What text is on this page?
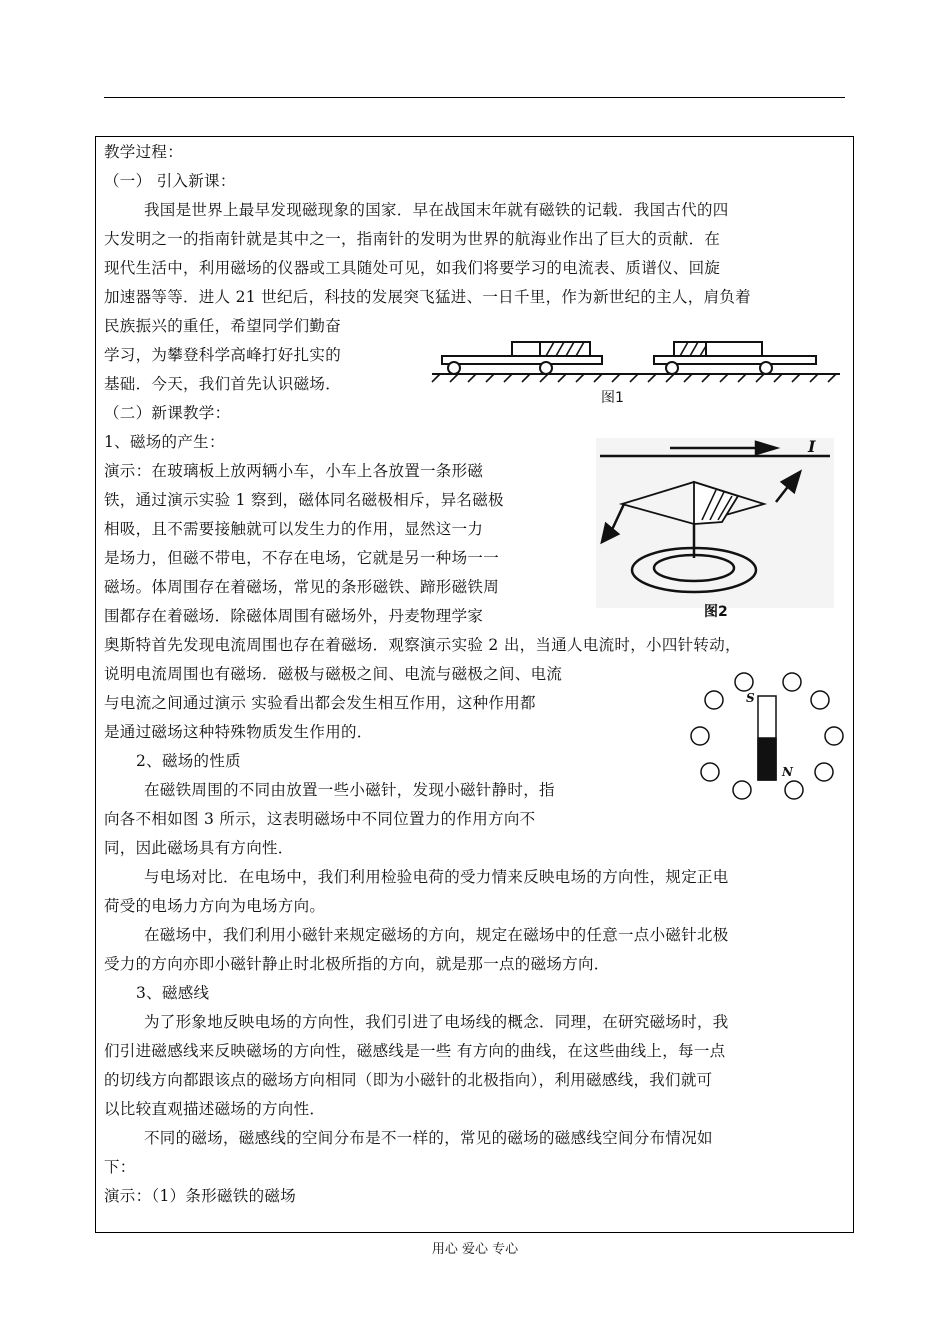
教学过程：
（一） 引入新课：
我国是世界上最早发现磁现象的国家．早在战国末年就有磁铁的记载．我国古代的四
大发明之一的指南针就是其中之一，指南针的发明为世界的航海业作出了巨大的贡献．在
现代生活中，利用磁场的仪器或工具随处可见，如我们将要学习的电流表、质谱仪、回旋
加速器等等．进人 21 世纪后，科技的发展突飞猛进、一日千里，作为新世纪的主人，肩负着
民族振兴的重任，希望同学们勤奋
学习，为攀登科学高峰打好扎实的
基础．今天，我们首先认识磁场．
（二）新课教学：
1、磁场的产生：
演示：在玻璃板上放两辆小车，小车上各放置一条形磁
铁，通过演示实验 1 察到，磁体同名磁极相斥，异名磁极
相吸，且不需要接触就可以发生力的作用，显然这一力
是场力，但磁不带电，不存在电场，它就是另一种场一一
磁场。体周围存在着磁场，常见的条形磁铁、蹄形磁铁周
围都存在着磁场．除磁体周围有磁场外，丹麦物理学家
奥斯特首先发现电流周围也存在着磁场．观察演示实验 2 出，当通人电流时，小四针转动，
说明电流周围也有磁场．磁极与磁极之间、电流与磁极之间、电流
与电流之间通过演示 实验看出都会发生相互作用，这种作用都
是通过磁场这种特殊物质发生作用的．
2、磁场的性质
在磁铁周围的不同由放置一些小磁针，发现小磁针静时，指
向各不相如图 3 所示，这表明磁场中不同位置力的作用方向不
同，因此磁场具有方向性．
与电场对比．在电场中，我们利用检验电荷的受力情来反映电场的方向性，规定正电
荷受的电场力方向为电场方向。
在磁场中，我们利用小磁针来规定磁场的方向，规定在磁场中的任意一点小磁针北极
受力的方向亦即小磁针静止时北极所指的方向，就是那一点的磁场方向．
3、磁感线
为了形象地反映电场的方向性，我们引进了电场线的概念．同理，在研究磁场时，我
们引进磁感线来反映磁场的方向性，磁感线是一些 有方向的曲线，在这些曲线上，每一点
的切线方向都跟该点的磁场方向相同（即为小磁针的北极指向），利用磁感线，我们就可
以比较直观描述磁场的方向性．
不同的磁场，磁感线的空间分布是不一样的，常见的磁场的磁感线空间分布情况如
下：
演示：（1）条形磁铁的磁场
图1
I
图2
S
N
用心 爱心 专心
